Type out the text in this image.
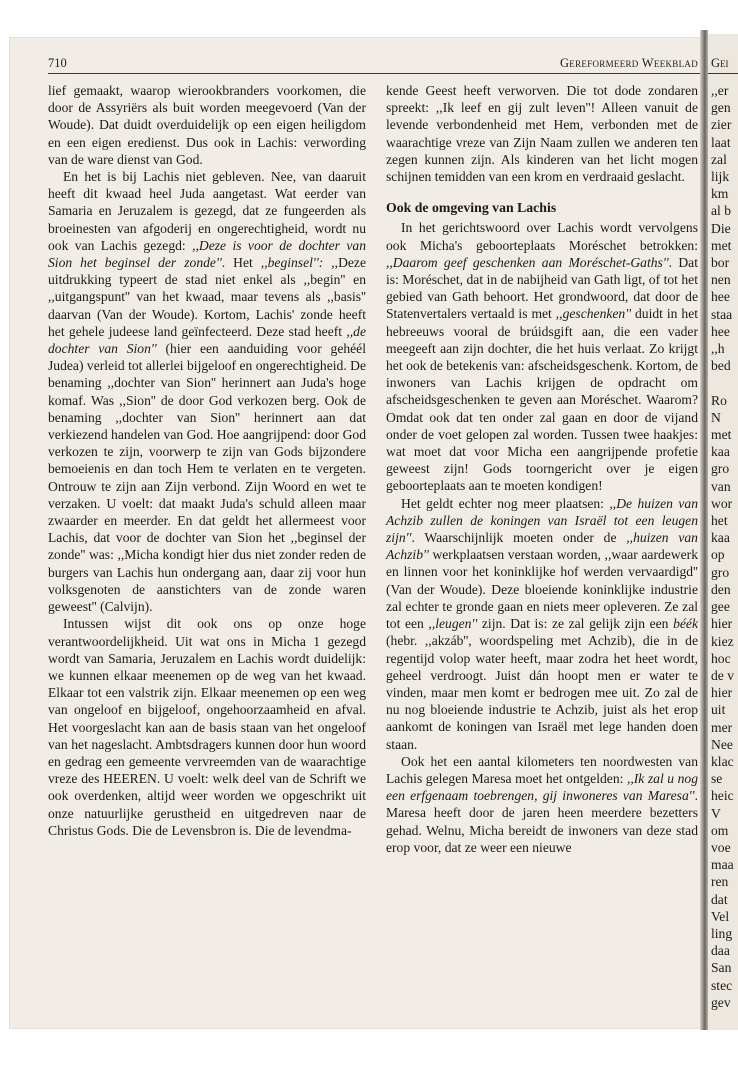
Gei
,,er
gen
zier
laat
zal
lijk
km
al b
Die
met
bor
nen
hee
staa
hee
,,h
bed

Ro
N
met
kaa
gro
van
wor
het
kaa
op
gro
den
gee
hier
kiez
hoc
de v
hier
uit
mer
Nee
klac
se
heic
V
om
voe
maa
ren
dat
Vel
ling
daa
San
stec
gev
710	Gereformeerd Weekblad

lief gemaakt, waarop wierookbranders voorkomen, die door de Assyriërs als buit worden meegevoerd (Van der Woude). Dat duidt overduidelijk op een eigen heiligdom en een eigen eredienst. Dus ook in Lachis: verwording van de ware dienst van God.

En het is bij Lachis niet gebleven. Nee, van daaruit heeft dit kwaad heel Juda aangetast. Wat eerder van Samaria en Jeruzalem is gezegd, dat ze fungeerden als broeinesten van afgoderij en ongerechtigheid, wordt nu ook van Lachis gezegd: ,,Deze is voor de dochter van Sion het beginsel der zonde''. Het ,,beginsel'': ,,Deze uitdrukking typeert de stad niet enkel als ,,begin'' en ,,uitgangspunt'' van het kwaad, maar tevens als ,,basis'' daarvan (Van der Woude). Kortom, Lachis' zonde heeft het gehele judeese land geïnfecteerd. Deze stad heeft ,,de dochter van Sion'' (hier een aanduiding voor gehéél Judea) verleid tot allerlei bijgeloof en ongerechtigheid. De benaming ,,dochter van Sion'' herinnert aan Juda's hoge komaf. Was ,,Sion'' de door God verkozen berg. Ook de benaming ,,dochter van Sion'' herinnert aan dat verkiezend handelen van God. Hoe aangrijpend: door God verkozen te zijn, voorwerp te zijn van Gods bijzondere bemoeienis en dan toch Hem te verlaten en te vergeten. Ontrouw te zijn aan Zijn verbond. Zijn Woord en wet te verzaken. U voelt: dat maakt Juda's schuld alleen maar zwaarder en meerder. En dat geldt het allermeest voor Lachis, dat voor de dochter van Sion het ,,beginsel der zonde'' was: ,,Micha kondigt hier dus niet zonder reden de burgers van Lachis hun ondergang aan, daar zij voor hun volksgenoten de aanstichters van de zonde waren geweest'' (Calvijn).

Intussen wijst dit ook ons op onze hoge verantwoordelijkheid. Uit wat ons in Micha 1 gezegd wordt van Samaria, Jeruzalem en Lachis wordt duidelijk: we kunnen elkaar meenemen op de weg van het kwaad. Elkaar tot een valstrik zijn. Elkaar meenemen op een weg van ongeloof en bijgeloof, ongehoorzaamheid en afval. Het voorgeslacht kan aan de basis staan van het ongeloof van het nageslacht. Ambtsdragers kunnen door hun woord en gedrag een gemeente vervreemden van de waarachtige vreze des HEEREN. U voelt: welk deel van de Schrift we ook overdenken, altijd weer worden we opgeschrikt uit onze natuurlijke gerustheid en uitgedreven naar de Christus Gods. Die de Levensbron is. Die de levendma-

kende Geest heeft verworven. Die tot dode zondaren spreekt: ,,Ik leef en gij zult leven''! Alleen vanuit de levende verbondenheid met Hem, verbonden met de waarachtige vreze van Zijn Naam zullen we anderen ten zegen kunnen zijn. Als kinderen van het licht mogen schijnen temidden van een krom en verdraaid geslacht.

Ook de omgeving van Lachis

In het gerichtswoord over Lachis wordt vervolgens ook Micha's geboorteplaats Moréschet betrokken: ,,Daarom geef geschenken aan Moréschet-Gaths''. Dat is: Moréschet, dat in de nabijheid van Gath ligt, of tot het gebied van Gath behoort. Het grondwoord, dat door de Statenvertalers vertaald is met ,,geschenken'' duidt in het hebreeuws vooral de brúidsgift aan, die een vader meegeeft aan zijn dochter, die het huis verlaat. Zo krijgt het ook de betekenis van: afscheidsgeschenk. Kortom, de inwoners van Lachis krijgen de opdracht om afscheidsgeschenken te geven aan Moréschet. Waarom? Omdat ook dat ten onder zal gaan en door de vijand onder de voet gelopen zal worden. Tussen twee haakjes: wat moet dat voor Micha een aangrijpende profetie geweest zijn! Gods toorngericht over je eigen geboorteplaats aan te moeten kondigen!

Het geldt echter nog meer plaatsen: ,,De huizen van Achzib zullen de koningen van Israël tot een leugen zijn''. Waarschijnlijk moeten onder de ,,huizen van Achzib'' werkplaatsen verstaan worden, ,,waar aardewerk en linnen voor het koninklijke hof werden vervaardigd'' (Van der Woude). Deze bloeiende koninklijke industrie zal echter te gronde gaan en niets meer opleveren. Ze zal tot een ,,leugen'' zijn. Dat is: ze zal gelijk zijn een béék (hebr. ,,akzáb'', woordspeling met Achzib), die in de regentijd volop water heeft, maar zodra het heet wordt, geheel verdroogt. Juist dán hoopt men er water te vinden, maar men komt er bedrogen mee uit. Zo zal de nu nog bloeiende industrie te Achzib, juist als het erop aankomt de koningen van Israël met lege handen doen staan.

Ook het een aantal kilometers ten noordwesten van Lachis gelegen Maresa moet het ontgelden: ,,Ik zal u nog een erfgenaam toebrengen, gij inwoneres van Maresa''. Maresa heeft door de jaren heen meerdere bezetters gehad. Welnu, Micha bereidt de inwoners van deze stad erop voor, dat ze weer een nieuwe
